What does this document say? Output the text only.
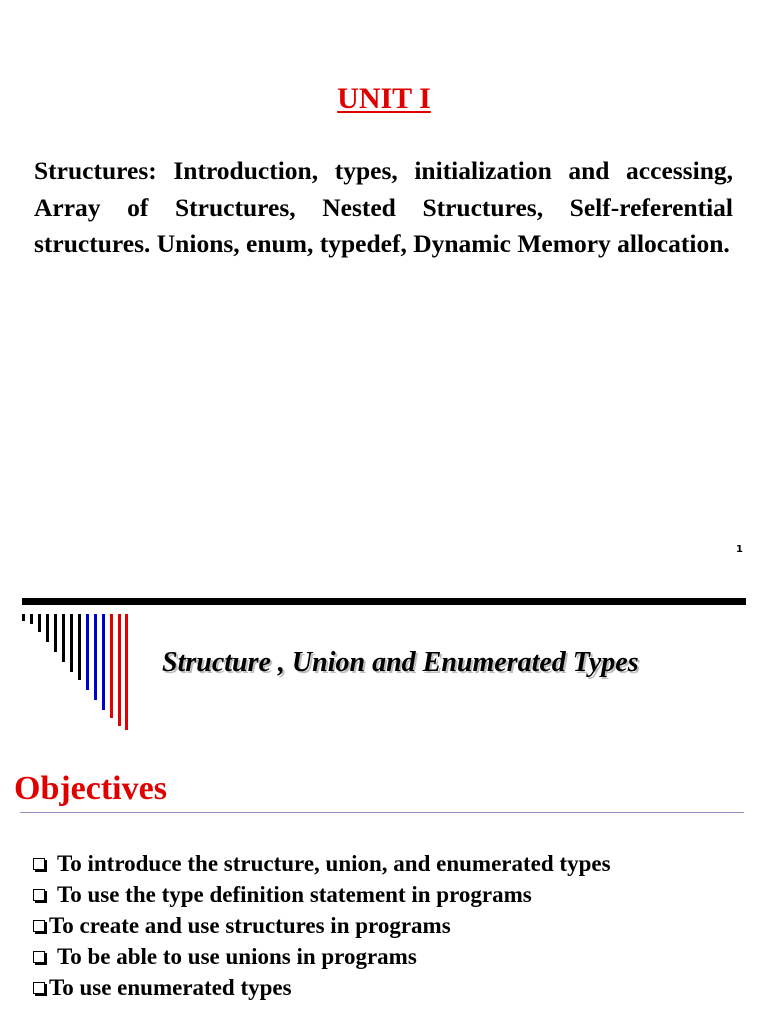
UNIT I

Structures: Introduction, types, initialization and accessing, Array of Structures, Nested Structures, Self-referential structures. Unions, enum, typedef, Dynamic Memory allocation.

1
Structure , Union and Enumerated Types
Objectives
To introduce the structure, union, and enumerated types
To use the type definition statement in programs
To create and use structures in programs
To be able to use unions in programs
To use enumerated types
